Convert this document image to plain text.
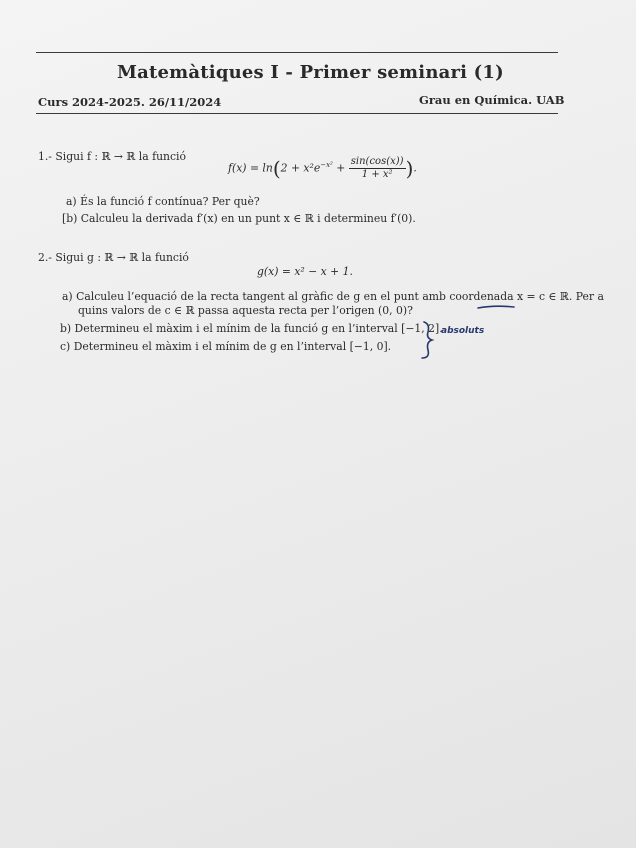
Matemàtiques I - Primer seminari (1)
Curs 2024-2025. 26/11/2024	Grau en Química. UAB
1.- Sigui f : ℝ → ℝ la funció
$f(x) = \ln(2 + x^2e^{-x^2} + \frac{\sin(\cos(x))}{\text{1 + x²}}$ ).
a) És la funció f contínua? Per què?
[b) Calculeu la derivada f′(x) en un punt x ∈ ℝ i determineu f′(0).
2.- Sigui g : ℝ → ℝ la funció
g(x) = x² − x + 1.
a) Calculeu l’equació de la recta tangent al gràfic de g en el punt amb coordenada x = c ∈ ℝ. Per a
quins valors de c ∈ ℝ passa aquesta recta per l’origen (0, 0)?
b) Determineu el màxim i el mínim de la funció g en l’interval [−1, 2].
c) Determineu el màxim i el mínim de g en l’interval [−1, 0].
absoluts
